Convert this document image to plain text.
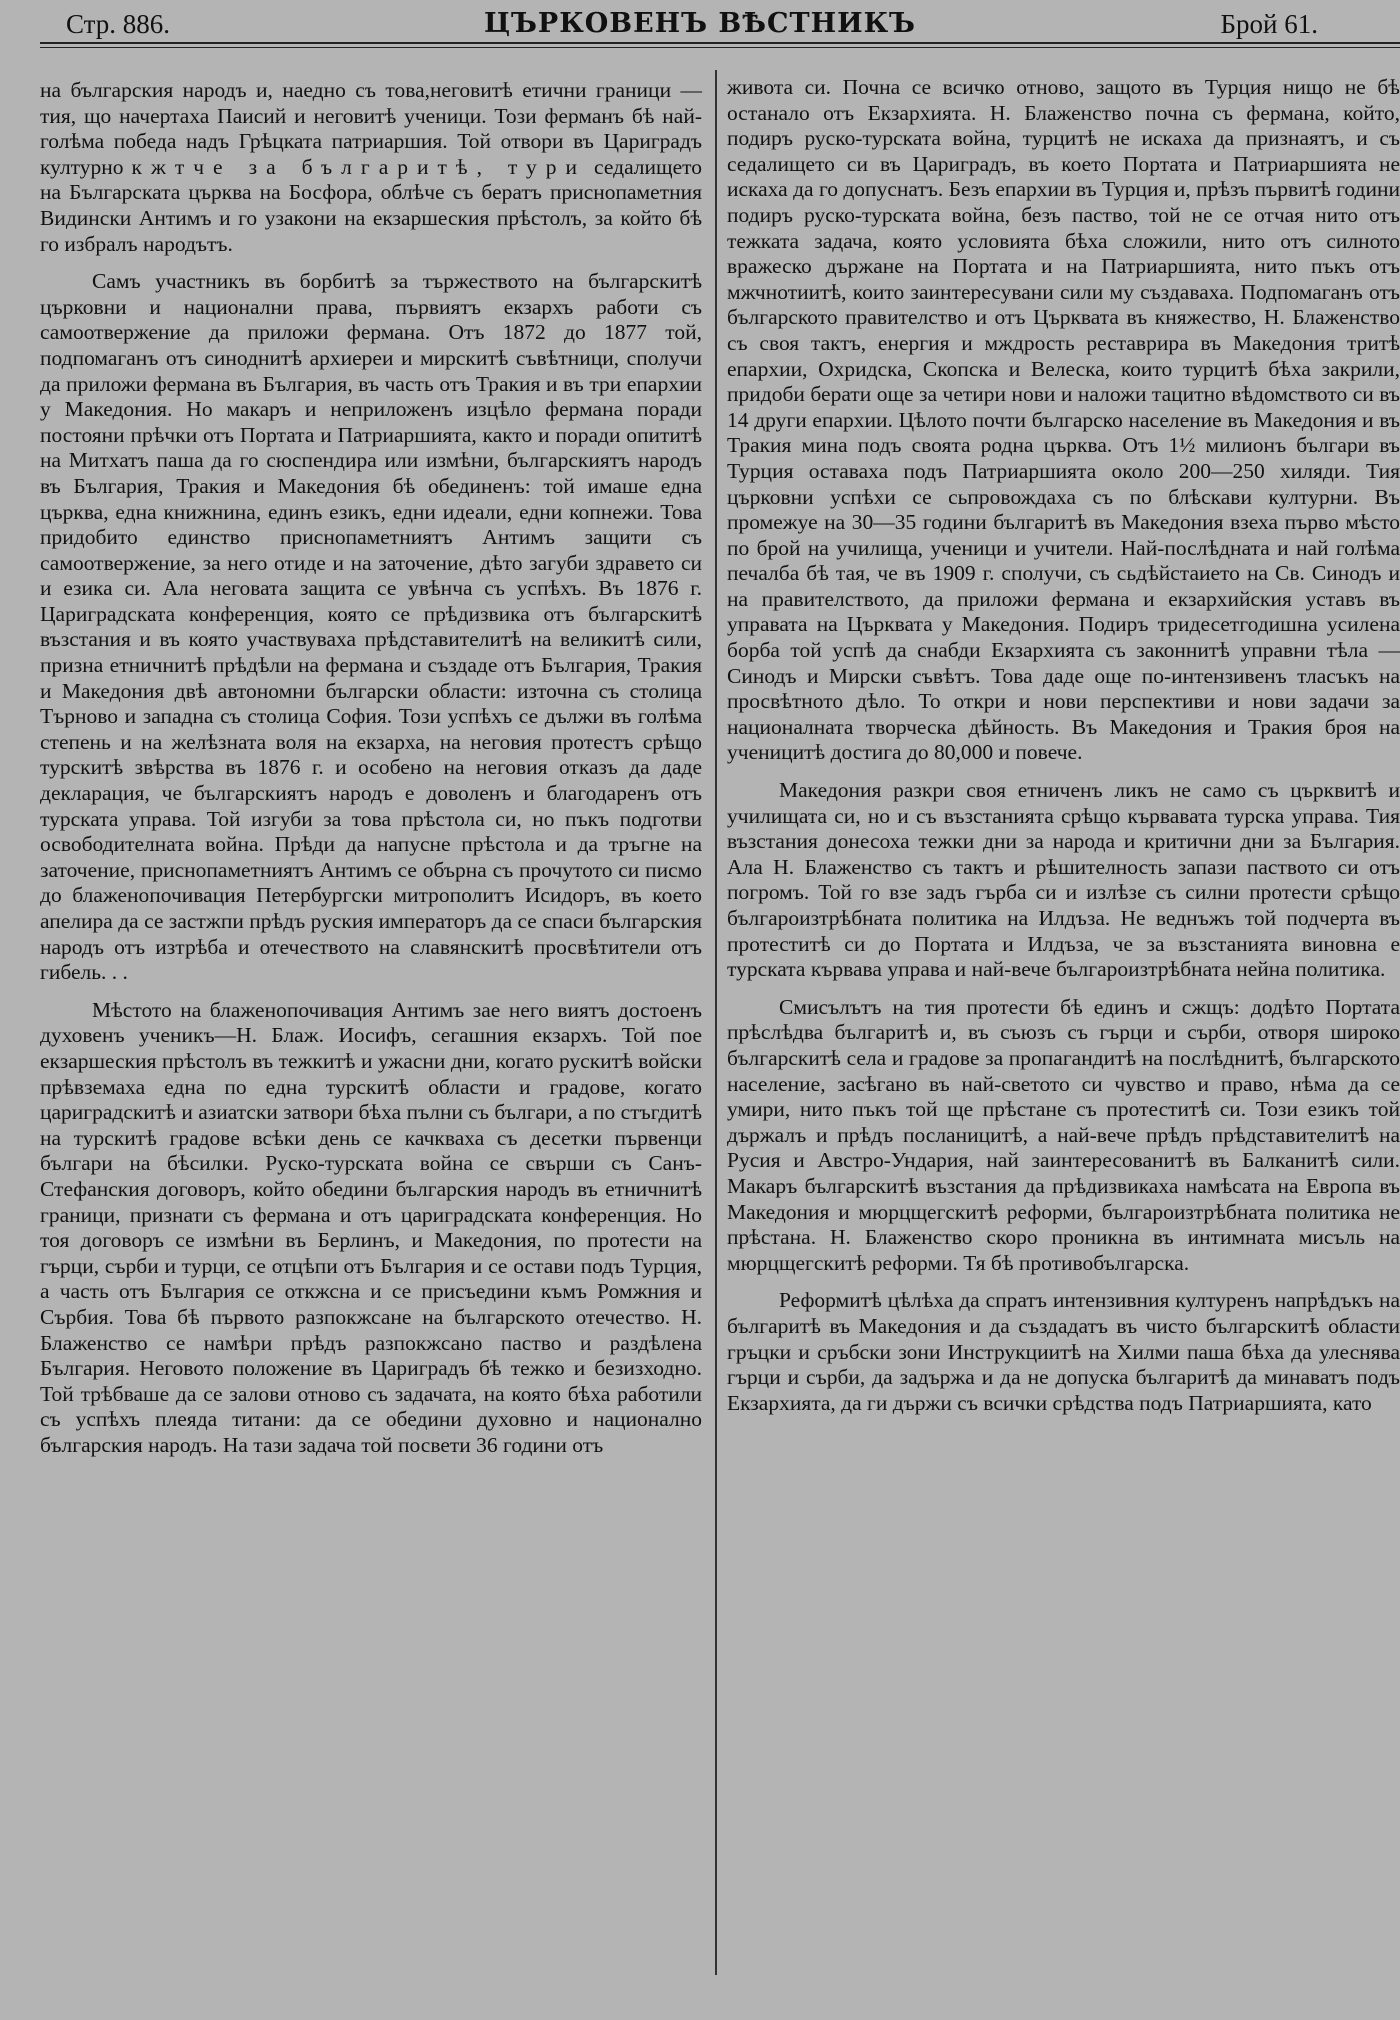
Стр. 886.	ЦЪРКОВЕНЪ ВѢСТНИКЪ	Брой 61.

на българския народъ и, наедно съ това,неговитѣ етични граници — тия, що начертаха Паисий и неговитѣ ученици. Този ферманъ бѣ най-голѣма победа надъ Грѣцката патриаршия. Той отвори въ Цариградъ културно кжтче за българитѣ, тури седалището на Българската църква на Босфора, облѣче съ бератъ приснопаметния Видински Антимъ и го узакони на екзаршеския прѣстолъ, за който бѣ го избралъ народътъ.

Самъ участникъ въ борбитѣ за тържеството на българскитѣ църковни и национални права, първиятъ екзархъ работи съ самоотвержение да приложи фермана. Отъ 1872 до 1877 той, подпомаганъ отъ синоднитѣ архиереи и мирскитѣ съвѣтници, сполучи да приложи фермана въ България, въ часть отъ Тракия и въ три епархии у Македония. Но макаръ и неприложенъ изцѣло фермана поради постояни прѣчки отъ Портата и Патриаршията, както и поради опититѣ на Митхатъ паша да го сюспендира или измѣни, българскиятъ народъ въ България, Тракия и Македония бѣ обединенъ: той имаше една църква, една книжнина, единъ езикъ, едни идеали, едни копнежи. Това придобито единство приснопаметниятъ Антимъ защити съ самоотвержение, за него отиде и на заточение, дѣто загуби здравето си и езика си. Ала неговата защита се увѣнча съ успѣхъ. Въ 1876 г. Цариградската конференция, която се прѣдизвика отъ българскитѣ възстания и въ която участвуваха прѣдставителитѣ на великитѣ сили, призна етничнитѣ прѣдѣли на фермана и създаде отъ България, Тракия и Македония двѣ автономни български области: източна съ столица Търново и западна съ столица София. Този успѣхъ се дължи въ голѣма степень и на желѣзната воля на екзарха, на неговия протестъ срѣщо турскитѣ звѣрства въ 1876 г. и особено на неговия отказъ да даде декларация, че българскиятъ народъ е доволенъ и благодаренъ отъ турската управа. Той изгуби за това прѣстола си, но пъкъ подготви освободителната война. Прѣди да напусне прѣстола и да тръгне на заточение, приснопаметниятъ Антимъ се обърна съ прочутото си писмо до блаженопочивация Петербургски митрополитъ Исидоръ, въ което апелира да се застжпи прѣдъ руския императоръ да се спаси българския народъ отъ изтрѣба и отечеството на славянскитѣ просвѣтители отъ гибель. . .

Мѣстото на блаженопочивация Антимъ зае него виятъ достоенъ духовенъ ученикъ—Н. Блаж. Иосифъ, сегашния екзархъ. Той пое екзаршеския прѣстолъ въ тежкитѣ и ужасни дни, когато рускитѣ войски прѣвземаха една по една турскитѣ области и градове, когато цариградскитѣ и азиатски затвори бѣха пълни съ българи, а по стъгдитѣ на турскитѣ градове всѣки день се качкваха съ десетки първенци българи на бѣсилки. Руско-турската война се свърши съ Санъ-Стефанския договоръ, който обедини българския народъ въ етничнитѣ граници, признати съ фермана и отъ цариградската конференция. Но тоя договоръ се измѣни въ Берлинъ, и Македония, по протести на гърци, сърби и турци, се отцѣпи отъ България и се остави подъ Турция, а часть отъ България се откжсна и се присъедини къмъ Ромжния и Сърбия. Това бѣ първото разпокжсане на българското отечество. Н. Блаженство се намѣри прѣдъ разпокжсано паство и раздѣлена България. Неговото положение въ Цариградъ бѣ тежко и безизходно. Той трѣбваше да се залови отново съ задачата, на която бѣха работили съ успѣхъ плеяда титани: да се обедини духовно и национално българския народъ. На тази задача той посвети 36 години отъ

живота си. Почна се всичко отново, защото въ Турция нищо не бѣ останало отъ Екзархията. Н. Блаженство почна съ фермана, който, подиръ руско-турската война, турцитѣ не искаха да признаятъ, и съ седалището си въ Цариградъ, въ което Портата и Патриаршията не искаха да го допуснатъ. Безъ епархии въ Турция и, прѣзъ първитѣ години подиръ руско-турската война, безъ паство, той не се отчая нито отъ тежката задача, която условията бѣха сложили, нито отъ силното вражеско държане на Портата и на Патриаршията, нито пъкъ отъ мжчнотиитѣ, които заинтересувани сили му създаваха. Подпомаганъ отъ българското правителство и отъ Църквата въ княжество, Н. Блаженство съ своя тактъ, енергия и мждрость реставрира въ Македония тритѣ епархии, Охридска, Скопска и Велеска, които турцитѣ бѣха закрили, придоби берати още за четири нови и наложи тацитно вѣдомството си въ 14 други епархии. Цѣлото почти българско население въ Македония и въ Тракия мина подъ своята родна църква. Отъ 1½ милионъ българи въ Турция оставаха подъ Патриаршията около 200—250 хиляди. Тия църковни успѣхи се сьпровождаха съ по блѣскави културни. Въ промежуе на 30—35 години българитѣ въ Македония взеха първо мѣсто по брой на училища, ученици и учители. Най-послѣдната и най голѣма печалба бѣ тая, че въ 1909 г. сполучи, съ сьдѣйстаието на Св. Синодъ и на правителството, да приложи фермана и екзархийския уставъ въ управата на Църквата у Македония. Подиръ тридесетгодишна усилена борба той успѣ да снабди Екзархията съ законнитѣ управни тѣла — Синодъ и Мирски съвѣтъ. Това даде още по-интензивенъ тласъкъ на просвѣтното дѣло. То откри и нови перспективи и нови задачи за националната творческа дѣйность. Въ Македония и Тракия броя на ученицитѣ достига до 80,000 и повече.

Македония разкри своя етниченъ ликъ не само съ църквитѣ и училищата си, но и съ възстанията срѣщо кървавата турска управа. Тия възстания донесоха тежки дни за народа и критични дни за България. Ала Н. Блаженство съ тактъ и рѣшителность запази паството си отъ погромъ. Той го взе задъ гърба си и излѣзе съ силни протести срѣщо българоизтрѣбната политика на Илдъза. Не веднъжъ той подчерта въ протеститѣ си до Портата и Илдъза, че за възстанията виновна е турската кървава управа и най-вече българоизтрѣбната нейна политика.

Смисълътъ на тия протести бѣ единъ и сжщъ: додѣто Портата прѣслѣдва българитѣ и, въ съюзъ съ гърци и сърби, отворя широко българскитѣ села и градове за пропагандитѣ на послѣднитѣ, българското население, засѣгано въ най-светото си чувство и право, нѣма да се умири, нито пъкъ той ще прѣстане съ протеститѣ си. Този езикъ той държалъ и прѣдъ посланицитѣ, а най-вече прѣдъ прѣдставителитѣ на Русия и Австро-Ундария, най заинтересованитѣ въ Балканитѣ сили. Макаръ българскитѣ възстания да прѣдизвикаха намѣсата на Европа въ Македония и мюрцщегскитѣ реформи, българоизтрѣбната политика не прѣстана. Н. Блаженство скоро проникна въ интимната мисъль на мюрцщегскитѣ реформи. Тя бѣ противобългарска.

Реформитѣ цѣлѣха да спратъ интензивния културенъ напрѣдъкъ на българитѣ въ Македония и да създадатъ въ чисто българскитѣ области гръцки и сръбски зони Инструкциитѣ на Хилми паша бѣха да улеснява гърци и сърби, да задържа и да не допуска българитѣ да минаватъ подъ Екзархията, да ги държи съ всички срѣдства подъ Патриаршията, като
